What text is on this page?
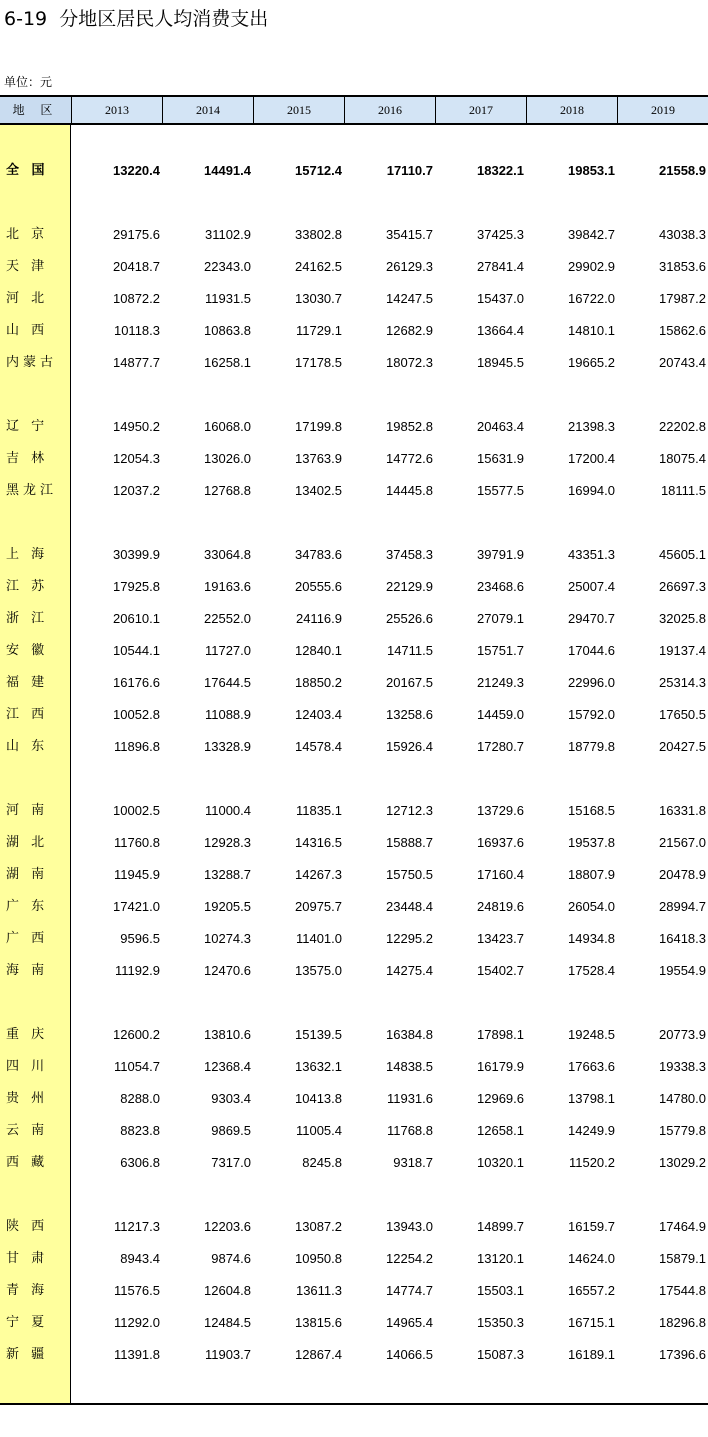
6-19  分地区居民人均消费支出
单位：元
地 区	2013	2014	2015	2016	2017	2018	2019
全 国	13220.4	14491.4	15712.4	17110.7	18322.1	19853.1	21558.9
北 京	29175.6	31102.9	33802.8	35415.7	37425.3	39842.7	43038.3
天 津	20418.7	22343.0	24162.5	26129.3	27841.4	29902.9	31853.6
河 北	10872.2	11931.5	13030.7	14247.5	15437.0	16722.0	17987.2
山 西	10118.3	10863.8	11729.1	12682.9	13664.4	14810.1	15862.6
内蒙古	14877.7	16258.1	17178.5	18072.3	18945.5	19665.2	20743.4
辽 宁	14950.2	16068.0	17199.8	19852.8	20463.4	21398.3	22202.8
吉 林	12054.3	13026.0	13763.9	14772.6	15631.9	17200.4	18075.4
黑龙江	12037.2	12768.8	13402.5	14445.8	15577.5	16994.0	18111.5
上 海	30399.9	33064.8	34783.6	37458.3	39791.9	43351.3	45605.1
江 苏	17925.8	19163.6	20555.6	22129.9	23468.6	25007.4	26697.3
浙 江	20610.1	22552.0	24116.9	25526.6	27079.1	29470.7	32025.8
安 徽	10544.1	11727.0	12840.1	14711.5	15751.7	17044.6	19137.4
福 建	16176.6	17644.5	18850.2	20167.5	21249.3	22996.0	25314.3
江 西	10052.8	11088.9	12403.4	13258.6	14459.0	15792.0	17650.5
山 东	11896.8	13328.9	14578.4	15926.4	17280.7	18779.8	20427.5
河 南	10002.5	11000.4	11835.1	12712.3	13729.6	15168.5	16331.8
湖 北	11760.8	12928.3	14316.5	15888.7	16937.6	19537.8	21567.0
湖 南	11945.9	13288.7	14267.3	15750.5	17160.4	18807.9	20478.9
广 东	17421.0	19205.5	20975.7	23448.4	24819.6	26054.0	28994.7
广 西	9596.5	10274.3	11401.0	12295.2	13423.7	14934.8	16418.3
海 南	11192.9	12470.6	13575.0	14275.4	15402.7	17528.4	19554.9
重 庆	12600.2	13810.6	15139.5	16384.8	17898.1	19248.5	20773.9
四 川	11054.7	12368.4	13632.1	14838.5	16179.9	17663.6	19338.3
贵 州	8288.0	9303.4	10413.8	11931.6	12969.6	13798.1	14780.0
云 南	8823.8	9869.5	11005.4	11768.8	12658.1	14249.9	15779.8
西 藏	6306.8	7317.0	8245.8	9318.7	10320.1	11520.2	13029.2
陕 西	11217.3	12203.6	13087.2	13943.0	14899.7	16159.7	17464.9
甘 肃	8943.4	9874.6	10950.8	12254.2	13120.1	14624.0	15879.1
青 海	11576.5	12604.8	13611.3	14774.7	15503.1	16557.2	17544.8
宁 夏	11292.0	12484.5	13815.6	14965.4	15350.3	16715.1	18296.8
新 疆	11391.8	11903.7	12867.4	14066.5	15087.3	16189.1	17396.6
